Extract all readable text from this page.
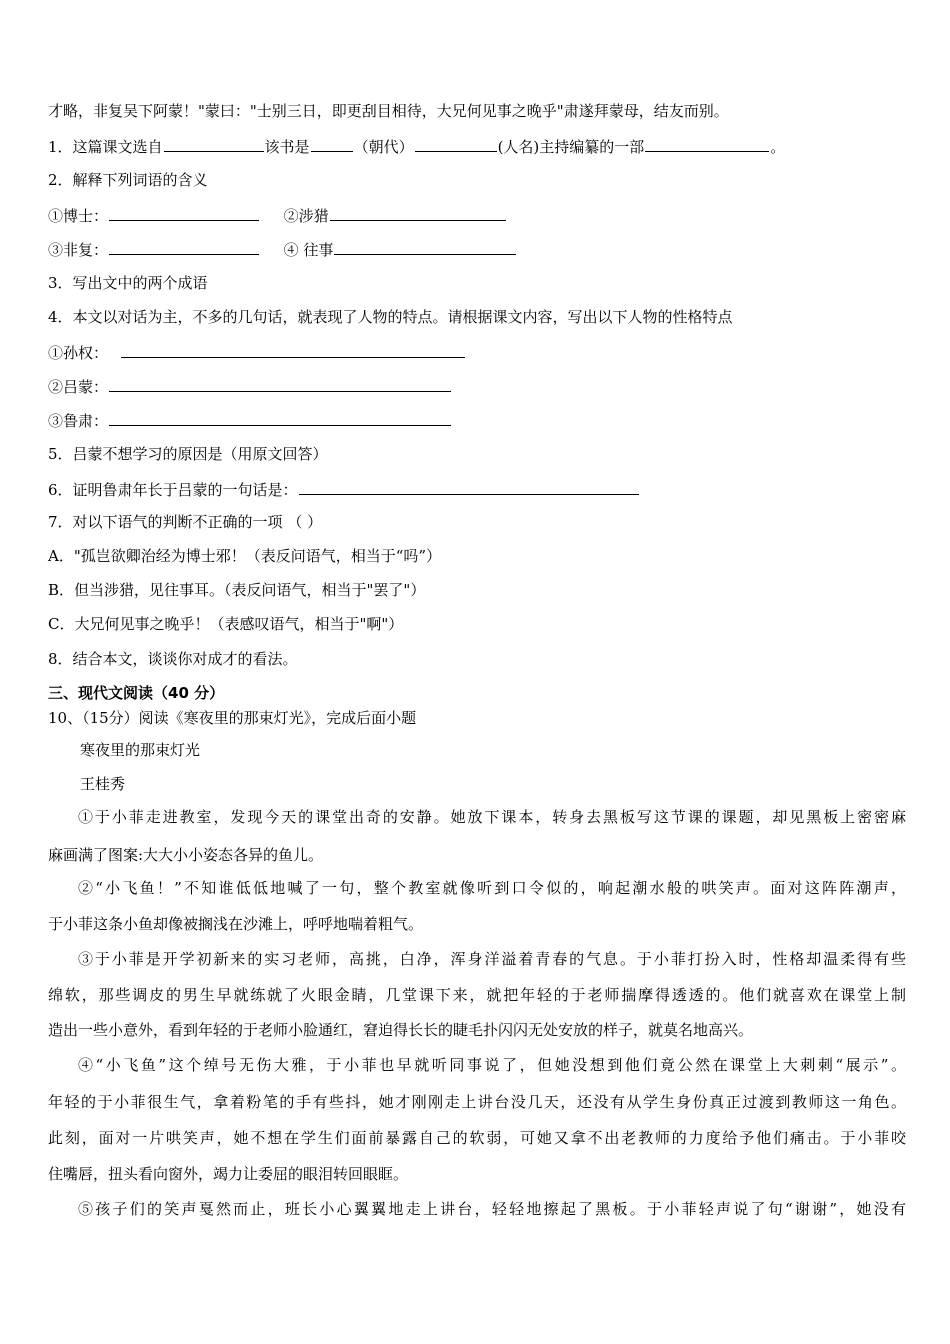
才略，非复吴下阿蒙！"蒙曰："士别三日，即更刮目相待，大兄何见事之晚乎"肃遂拜蒙母，结友而别。
1．这篇课文选自	该书是	（朝代）	(人名)主持编纂的一部	。
2．解释下列词语的含义
①博士：	②涉猎
③非复：	④ 往事
3．写出文中的两个成语
4．本文以对话为主，不多的几句话，就表现了人物的特点。请根据课文内容，写出以下人物的性格特点
①孙权：
②吕蒙：
③鲁肃：
5．吕蒙不想学习的原因是（用原文回答）
6．证明鲁肃年长于吕蒙的一句话是：
7．对以下语气的判断不正确的一项 （ ）
A．"孤岂欲卿治经为博士邪！（表反问语气，相当于“吗”）
B．但当涉猎，见往事耳。（表反问语气，相当于"罢了"）
C．大兄何见事之晚乎！（表感叹语气，相当于"啊"）
8．结合本文，谈谈你对成才的看法。
三、现代文阅读（40 分）
10、（15分）阅读《寒夜里的那束灯光》，完成后面小题
寒夜里的那束灯光
王桂秀
①于小菲走进教室，发现今天的课堂出奇的安静。她放下课本，转身去黑板写这节课的课题，却见黑板上密密麻
麻画满了图案:大大小小姿态各异的鱼儿。
②“小飞鱼！”不知谁低低地喊了一句，整个教室就像听到口令似的，响起潮水般的哄笑声。面对这阵阵潮声，
于小菲这条小鱼却像被搁浅在沙滩上，呼呼地喘着粗气。
③于小菲是开学初新来的实习老师，高挑，白净，浑身洋溢着青春的气息。于小菲打扮入时，性格却温柔得有些
绵软，那些调皮的男生早就练就了火眼金睛，几堂课下来，就把年轻的于老师揣摩得透透的。他们就喜欢在课堂上制
造出一些小意外，看到年轻的于老师小脸通红，窘迫得长长的睫毛扑闪闪无处安放的样子，就莫名地高兴。
④“小飞鱼”这个绰号无伤大雅，于小菲也早就听同事说了，但她没想到他们竟公然在课堂上大刺刺“展示”。
年轻的于小菲很生气，拿着粉笔的手有些抖，她才刚刚走上讲台没几天，还没有从学生身份真正过渡到教师这一角色。
此刻，面对一片哄笑声，她不想在学生们面前暴露自己的软弱，可她又拿不出老教师的力度给予他们痛击。于小菲咬
住嘴唇，扭头看向窗外，竭力让委屈的眼泪转回眼眶。
⑤孩子们的笑声戛然而止，班长小心翼翼地走上讲台，轻轻地擦起了黑板。于小菲轻声说了句“谢谢”，她没有
